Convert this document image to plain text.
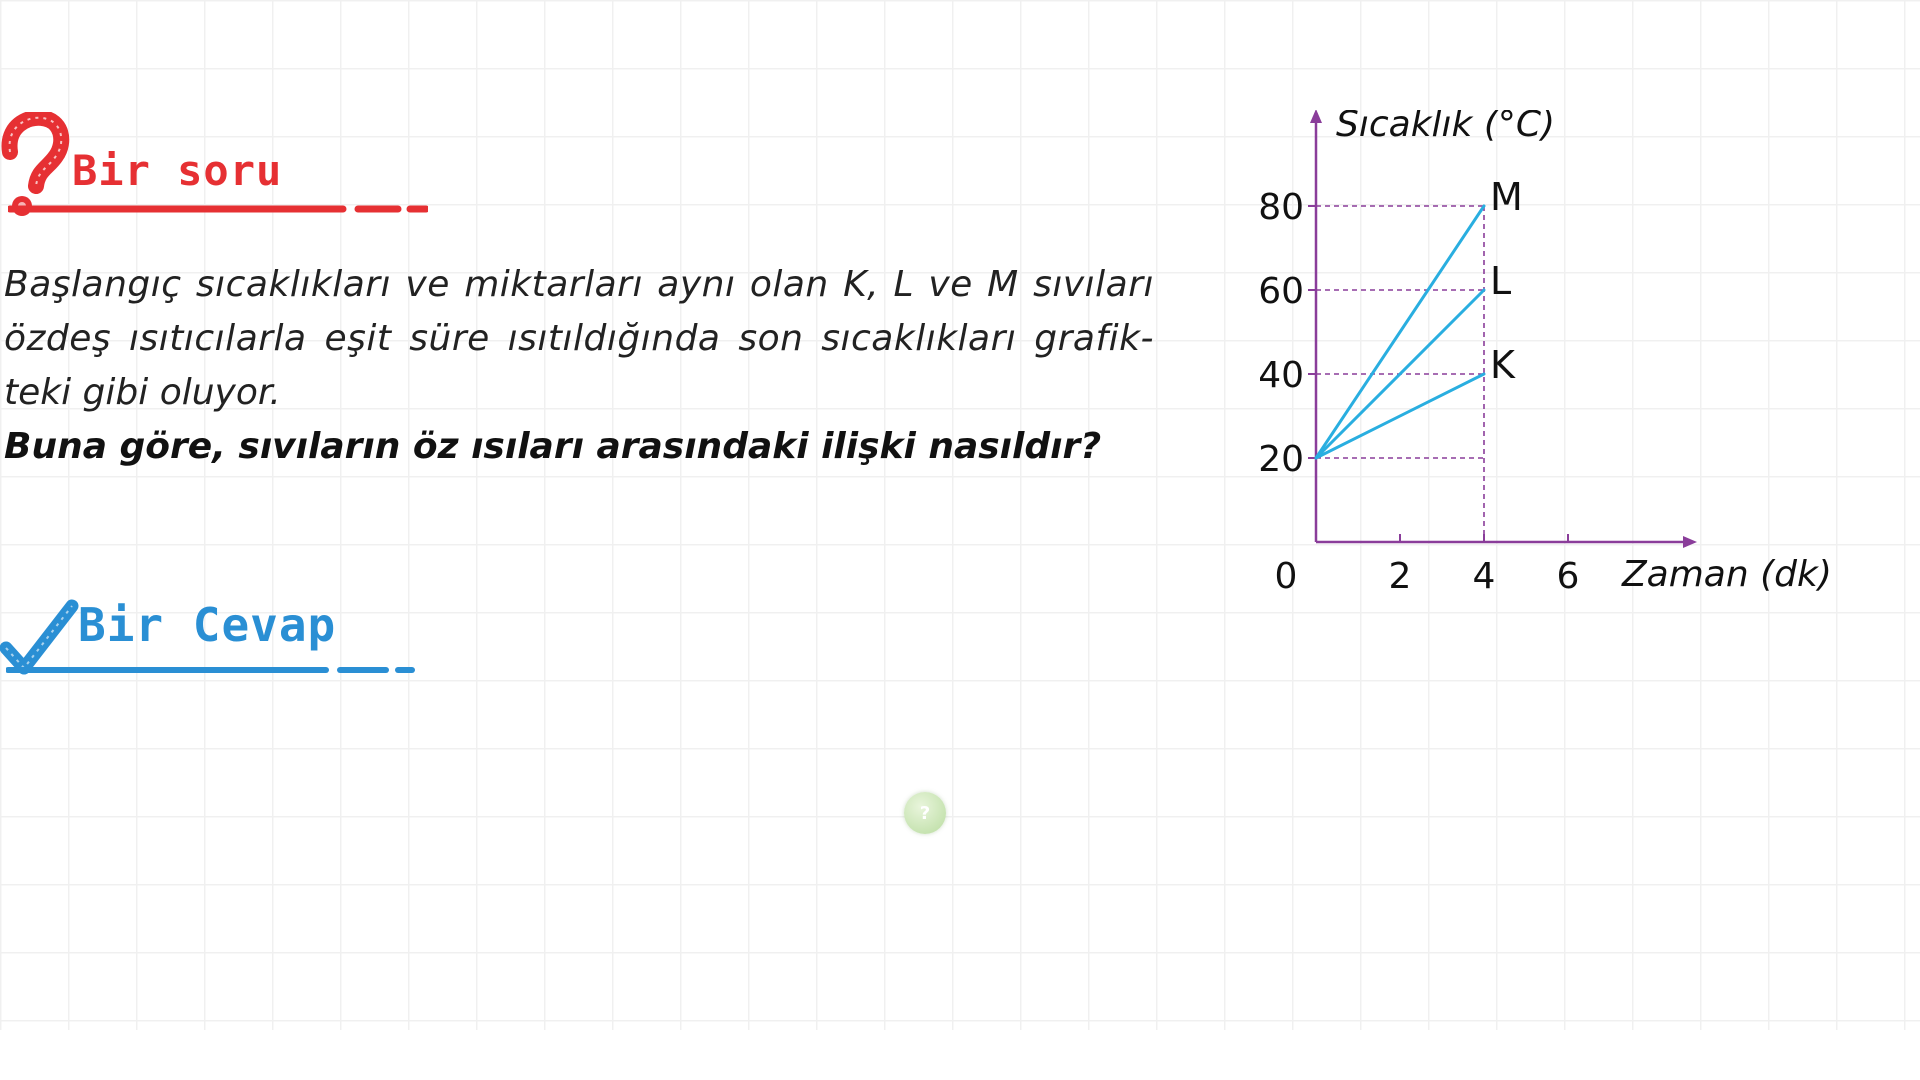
Bir soru
Başlangıç sıcaklıkları ve miktarları aynı olan K, L ve M sıvıları
özdeş ısıtıcılarla eşit süre ısıtıldığında son sıcaklıkları grafik-
teki gibi oluyor.
Buna göre, sıvıların öz ısıları arasındaki ilişki nasıldır?
Bir Cevap
?
0	2 4 6
20
40
60
80	M
L
K
Sıcaklık (°C)
Zaman (dk)
